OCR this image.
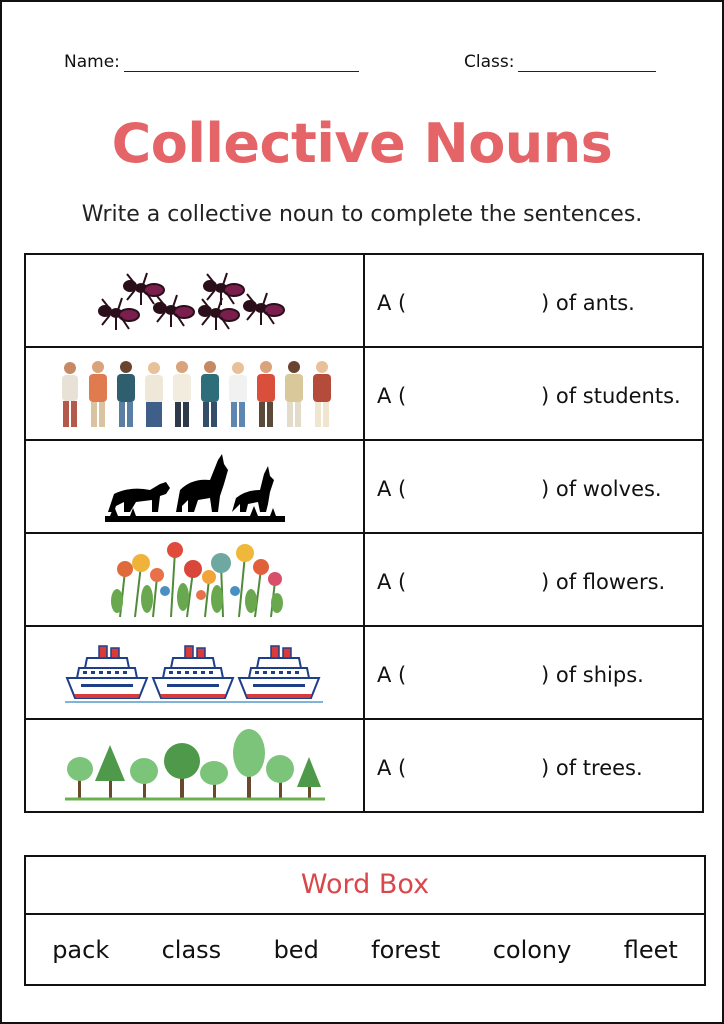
Name:	Class:
Collective Nouns
Write a collective noun to complete the sentences.

A ( ) of ants.

A ( ) of students.

A ( ) of wolves.

A ( ) of flowers.

A ( ) of ships.

A ( ) of trees.
Word Box
pack class bed forest colony fleet
